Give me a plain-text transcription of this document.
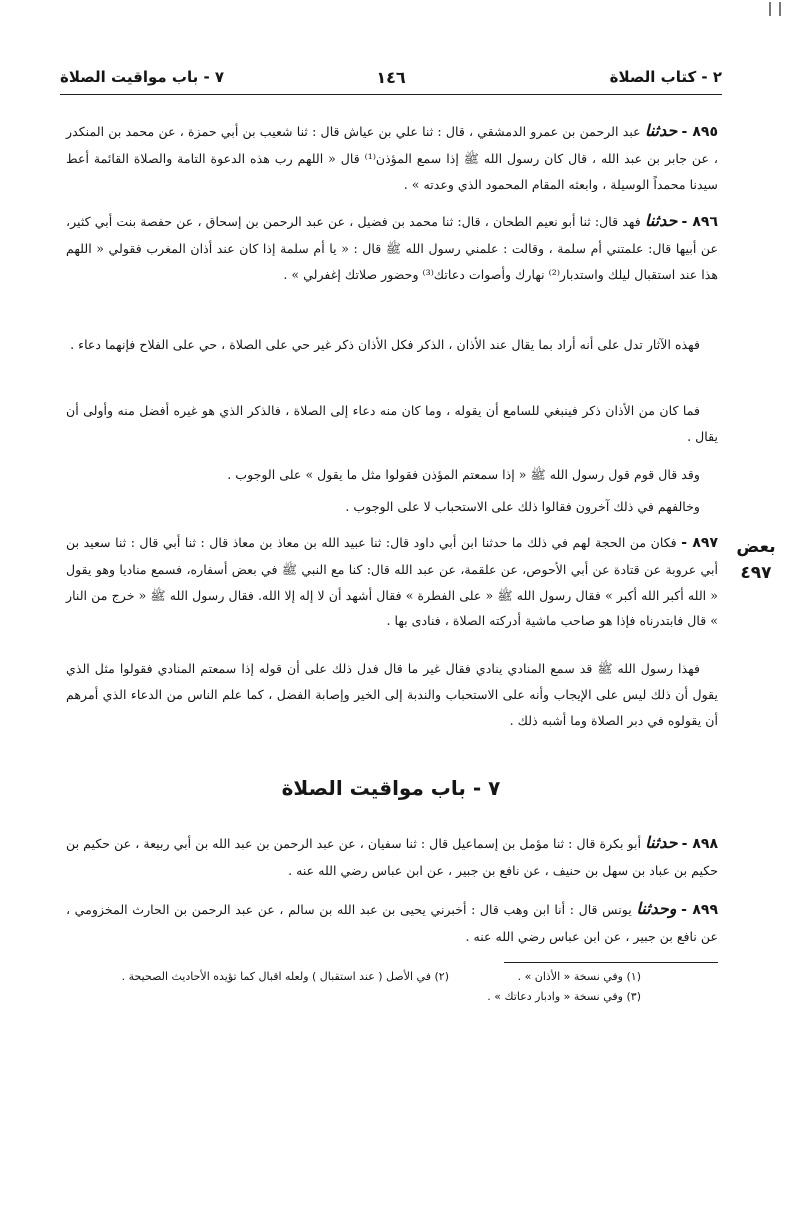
٢ - كتاب الصلاة
١٤٦
٧ - باب مواقيت الصلاة

٨٩٥ - حدثنا عبد الرحمن بن عمرو الدمشقي ، قال : ثنا علي بن عياش قال : ثنا شعيب بن أبي حمزة ، عن محمد بن المنكدر ، عن جابر بن عبد الله ، قال كان رسول الله ﷺ إذا سمع المؤذن⁽¹⁾ قال « اللهم رب هذه الدعوة التامة والصلاة القائمة أعط سيدنا محمداً الوسيلة ، وابعثه المقام المحمود الذي وعدته » .

٨٩٦ - حدثنا فهد قال: ثنا أبو نعيم الطحان ، قال: ثنا محمد بن فضيل ، عن عبد الرحمن بن إسحاق ، عن حفصة بنت أبي كثير، عن أبيها قال: علمتني أم سلمة ، وقالت : علمني رسول الله ﷺ قال : « يا أم سلمة إذا كان عند أذان المغرب فقولي « اللهم هذا عند استقبال ليلك واستدبار⁽²⁾ نهارك وأصوات دعاتك⁽³⁾ وحضور صلاتك إغفرلي » .

فهذه الآثار تدل على أنه أراد بما يقال عند الأذان ، الذكر فكل الأذان ذكر غير حي على الصلاة ، حي على الفلاح فإنهما دعاء .

فما كان من الأذان ذكر فينبغي للسامع أن يقوله ، وما كان منه دعاء إلى الصلاة ، فالذكر الذي هو غيره أفضل منه وأولى أن يقال .

وقد قال قوم قول رسول الله ﷺ « إذا سمعتم المؤذن فقولوا مثل ما يقول » على الوجوب .

وخالفهم في ذلك آخرون فقالوا ذلك على الاستحباب لا على الوجوب .

٨٩٧ - فكان من الحجة لهم في ذلك ما حدثنا ابن أبي داود قال: ثنا عبيد الله بن معاذ بن معاذ قال : ثنا أبي قال : ثنا سعيد بن أبي عروبة عن قتادة عن أبي الأحوص، عن علقمة، عن عبد الله قال: كنا مع النبي ﷺ في بعض أسفاره، فسمع مناديا وهو يقول « الله أكبر الله أكبر » فقال رسول الله ﷺ « على الفطرة » فقال أشهد أن لا إله إلا الله. فقال رسول الله ﷺ « خرج من النار » قال فابتدرناه فإذا هو صاحب ماشية أدركته الصلاة ، فنادى بها .

بعض
٤٩٧

فهذا رسول الله ﷺ قد سمع المنادي ينادي فقال غير ما قال فدل ذلك على أن قوله إذا سمعتم المنادي فقولوا مثل الذي يقول أن ذلك ليس على الإيجاب وأنه على الاستحباب والندبة إلى الخير وإصابة الفضل ، كما علم الناس من الدعاء الذي أمرهم أن يقولوه في دبر الصلاة وما أشبه ذلك .

٧ - باب مواقيت الصلاة

٨٩٨ - حدثنا أبو بكرة قال : ثنا مؤمل بن إسماعيل قال : ثنا سفيان ، عن عبد الرحمن بن عبد الله بن أبي ربيعة ، عن حكيم بن حكيم بن عباد بن سهل بن حنيف ، عن نافع بن جبير ، عن ابن عباس رضي الله عنه .

٨٩٩ - وحدثنا يونس قال : أنا ابن وهب قال : أخبرني يحيى بن عبد الله بن سالم ، عن عبد الرحمن بن الحارث المخزومي ، عن نافع بن جبير ، عن ابن عباس رضي الله عنه .

(١) وفي نسخة « الأذان » .
(٢) في الأصل ( عند استقبال ) ولعله اقبال كما تؤيده الأحاديث الصحيحة .
(٣) وفي نسخة « وادبار دعاتك » .
